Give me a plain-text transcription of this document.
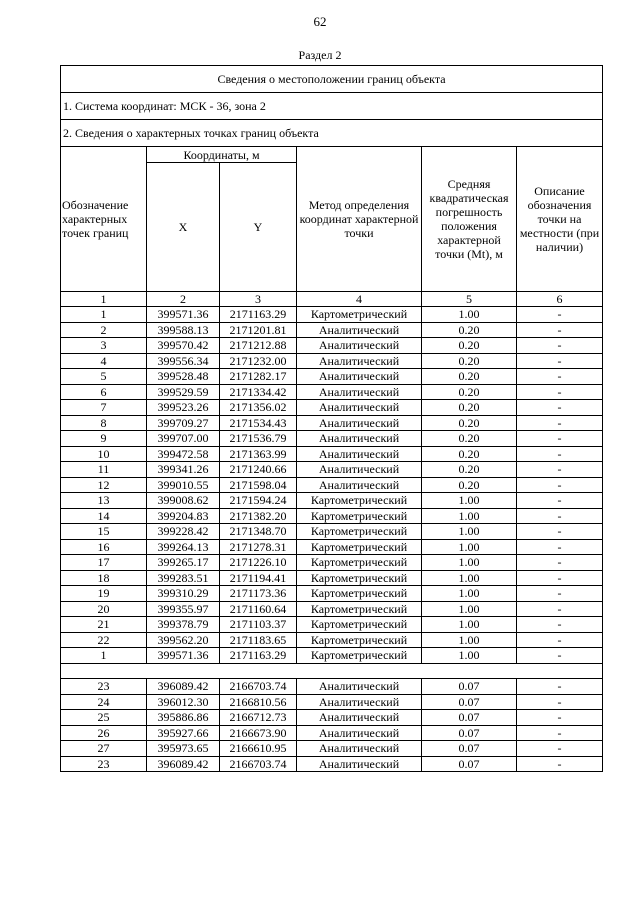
62
Раздел 2
Сведения о местоположении границ объекта					
1. Система координат: МСК - 36, зона 2					
2. Сведения о характерных точках границ объекта					
Обозначение характерных точек границ	Координаты, м		Метод определения координат характерной точки	Средняя квадратическая погрешность положения характерной точки (Mt), м	Описание обозначения точки на местности (при наличии)
	X	Y			
1	2	3	4	5	6
1	399571.36	2171163.29	Картометрический	1.00	-
2	399588.13	2171201.81	Аналитический	0.20	-
3	399570.42	2171212.88	Аналитический	0.20	-
4	399556.34	2171232.00	Аналитический	0.20	-
5	399528.48	2171282.17	Аналитический	0.20	-
6	399529.59	2171334.42	Аналитический	0.20	-
7	399523.26	2171356.02	Аналитический	0.20	-
8	399709.27	2171534.43	Аналитический	0.20	-
9	399707.00	2171536.79	Аналитический	0.20	-
10	399472.58	2171363.99	Аналитический	0.20	-
11	399341.26	2171240.66	Аналитический	0.20	-
12	399010.55	2171598.04	Аналитический	0.20	-
13	399008.62	2171594.24	Картометрический	1.00	-
14	399204.83	2171382.20	Картометрический	1.00	-
15	399228.42	2171348.70	Картометрический	1.00	-
16	399264.13	2171278.31	Картометрический	1.00	-
17	399265.17	2171226.10	Картометрический	1.00	-
18	399283.51	2171194.41	Картометрический	1.00	-
19	399310.29	2171173.36	Картометрический	1.00	-
20	399355.97	2171160.64	Картометрический	1.00	-
21	399378.79	2171103.37	Картометрический	1.00	-
22	399562.20	2171183.65	Картометрический	1.00	-
1	399571.36	2171163.29	Картометрический	1.00	-

23	396089.42	2166703.74	Аналитический	0.07	-
24	396012.30	2166810.56	Аналитический	0.07	-
25	395886.86	2166712.73	Аналитический	0.07	-
26	395927.66	2166673.90	Аналитический	0.07	-
27	395973.65	2166610.95	Аналитический	0.07	-
23	396089.42	2166703.74	Аналитический	0.07	-
